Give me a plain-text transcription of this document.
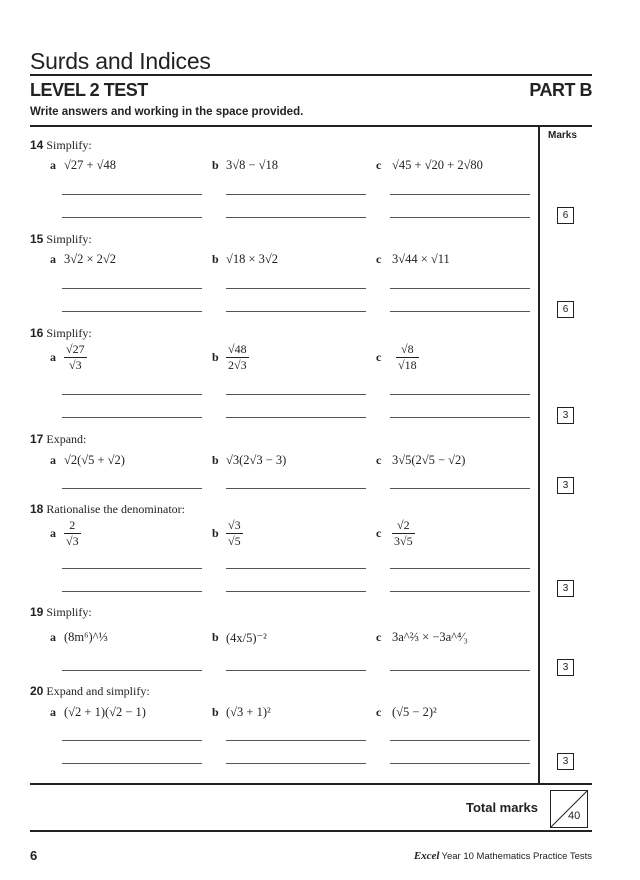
Surds and Indices
LEVEL 2 TEST	PART B
Write answers and working in the space provided.
Marks
14 Simplify:
a √27 + √48	b 3√8 − √18	c √45 + √20 + 2√80
6
15 Simplify:
a 3√2 × 2√2	b √18 × 3√2	c 3√44 × √11
6
16 Simplify:
a $\frac{√27}{√3}$	b $\frac{√48}{2√3}$	c $\frac{√8}{√18}$
3
17 Expand:
a √2(√5 + √2)	b √3(2√3 − 3)	c 3√5(2√5 − √2)
3
18 Rationalise the denominator:
a $\frac{2}{√3}$	b $\frac{√3}{√5}$	c $\frac{√2}{3√5}$
3
19 Simplify:
a (8m⁶)^⅓	b (4x/5)⁻²	c 3a^⅔ × −3a^⁴⁄₃
3
20 Expand and simplify:
a (√2 + 1)(√2 − 1)	b (√3 + 1)²	c (√5 − 2)²
3
Total marks
40
6	Excel Year 10 Mathematics Practice Tests
